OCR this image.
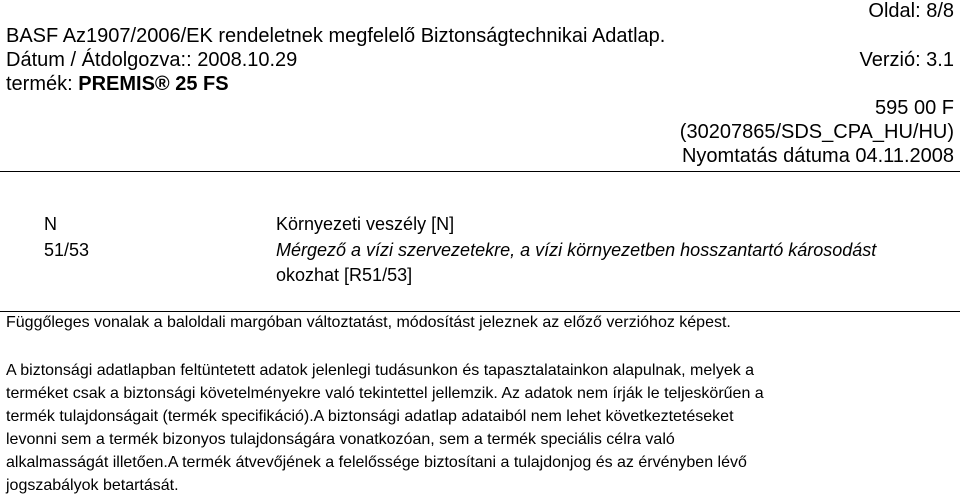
Oldal: 8/8
BASF Az1907/2006/EK rendeletnek megfelelő Biztonságtechnikai Adatlap.
Dátum / Átdolgozva:: 2008.10.29	Verzió: 3.1
termék: PREMIS® 25 FS
595 00 F
(30207865/SDS_CPA_HU/HU)
Nyomtatás dátuma 04.11.2008
N	Környezeti veszély [N]
51/53	Mérgező a vízi szervezetekre, a vízi környezetben hosszantartó károsodást
okozhat [R51/53]
Függőleges vonalak a baloldali margóban változtatást, módosítást jeleznek az előző verzióhoz képest.
A biztonsági adatlapban feltüntetett adatok jelenlegi tudásunkon és tapasztalatainkon alapulnak, melyek a
terméket csak a biztonsági követelményekre való tekintettel jellemzik. Az adatok nem írják le teljeskörűen a
termék tulajdonságait (termék specifikáció).A biztonsági adatlap adataiból nem lehet következtetéseket
levonni sem a termék bizonyos tulajdonságára vonatkozóan, sem a termék speciális célra való
alkalmasságát illetően.A termék átvevőjének a felelőssége biztosítani a tulajdonjog és az érvényben lévő
jogszabályok betartását.
